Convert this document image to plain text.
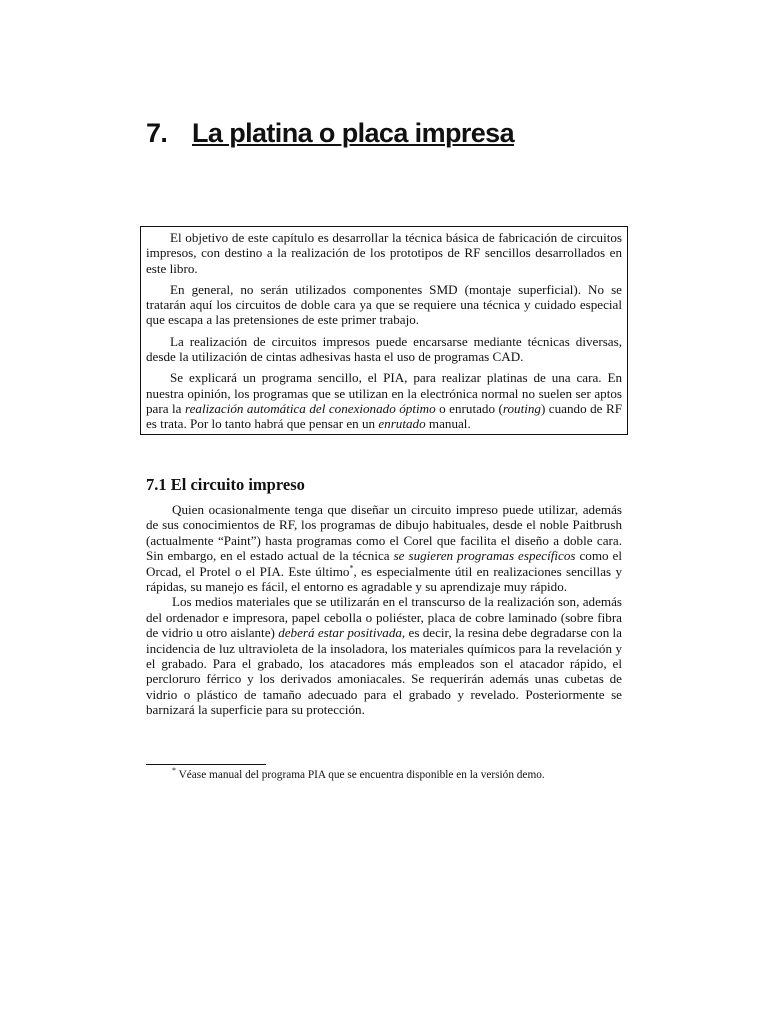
7. La platina o placa impresa

El objetivo de este capítulo es desarrollar la técnica básica de fabricación de circuitos impresos, con destino a la realización de los prototipos de RF sencillos desarrollados en este libro.

En general, no serán utilizados componentes SMD (montaje superficial). No se tratarán aquí los circuitos de doble cara ya que se requiere una técnica y cuidado especial que escapa a las pretensiones de este primer trabajo.

La realización de circuitos impresos puede encarsarse mediante técnicas diversas, desde la utilización de cintas adhesivas hasta el uso de programas CAD.

Se explicará un programa sencillo, el PIA, para realizar platinas de una cara. En nuestra opinión, los programas que se utilizan en la electrónica normal no suelen ser aptos para la realización automática del conexionado óptimo o enrutado (routing) cuando de RF es trata. Por lo tanto habrá que pensar en un enrutado manual.

7.1 El circuito impreso

Quien ocasionalmente tenga que diseñar un circuito impreso puede utilizar, además de sus conocimientos de RF, los programas de dibujo habituales, desde el noble Paitbrush (actualmente “Paint”) hasta programas como el Corel que facilita el diseño a doble cara. Sin embargo, en el estado actual de la técnica se sugieren programas específicos como el Orcad, el Protel o el PIA. Este último*, es especialmente útil en realizaciones sencillas y rápidas, su manejo es fácil, el entorno es agradable y su aprendizaje muy rápido.

Los medios materiales que se utilizarán en el transcurso de la realización son, además del ordenador e impresora, papel cebolla o poliéster, placa de cobre laminado (sobre fibra de vidrio u otro aislante) deberá estar positivada, es decir, la resina debe degradarse con la incidencia de luz ultravioleta de la insoladora, los materiales químicos para la revelación y el grabado. Para el grabado, los atacadores más empleados son el atacador rápido, el percloruro férrico y los derivados amoniacales. Se requerirán además unas cubetas de vidrio o plástico de tamaño adecuado para el grabado y revelado. Posteriormente se barnizará la superficie para su protección.

* Véase manual del programa PIA que se encuentra disponible en la versión demo.
